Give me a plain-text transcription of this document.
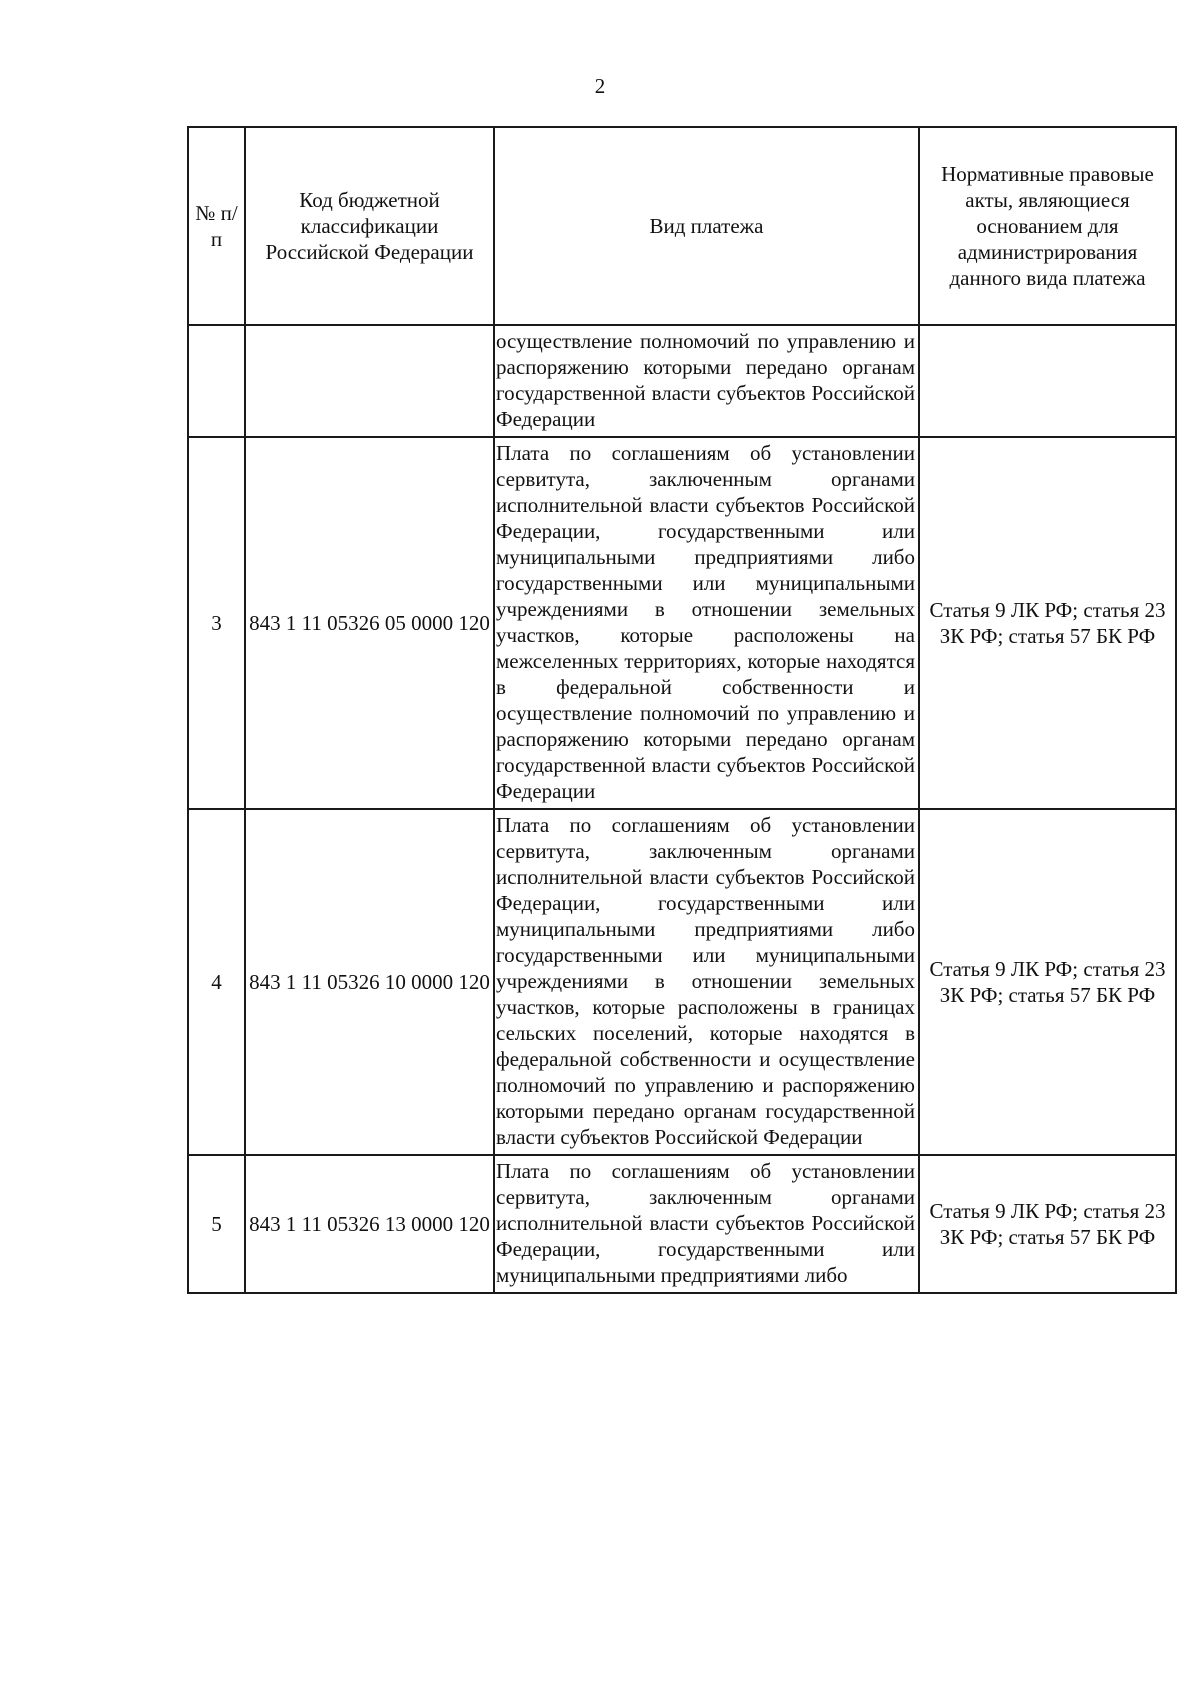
2
№ п/п	Код бюджетной классификации Российской Федерации	Вид платежа	Нормативные правовые акты, являющиеся основанием для администрирования данного вида платежа

		осуществление полномочий по управлению и распоряжению которыми передано органам государственной власти субъектов Российской Федерации	
3	843 1 11 05326 05 0000 120	Плата по соглашениям об установлении сервитута, заключенным органами исполнительной власти субъектов Российской Федерации, государственными или муниципальными предприятиями либо государственными или муниципальными учреждениями в отношении земельных участков, которые расположены на межселенных территориях, которые находятся в федеральной собственности и осуществление полномочий по управлению и распоряжению которыми передано органам государственной власти субъектов Российской Федерации	Статья 9 ЛК РФ; статья 23 ЗК РФ; статья 57 БК РФ
4	843 1 11 05326 10 0000 120	Плата по соглашениям об установлении сервитута, заключенным органами исполнительной власти субъектов Российской Федерации, государственными или муниципальными предприятиями либо государственными или муниципальными учреждениями в отношении земельных участков, которые расположены в границах сельских поселений, которые находятся в федеральной собственности и осуществление полномочий по управлению и распоряжению которыми передано органам государственной власти субъектов Российской Федерации	Статья 9 ЛК РФ; статья 23 ЗК РФ; статья 57 БК РФ
5	843 1 11 05326 13 0000 120	Плата по соглашениям об установлении сервитута, заключенным органами исполнительной власти субъектов Российской Федерации, государственными или муниципальными предприятиями либо	Статья 9 ЛК РФ; статья 23 ЗК РФ; статья 57 БК РФ
